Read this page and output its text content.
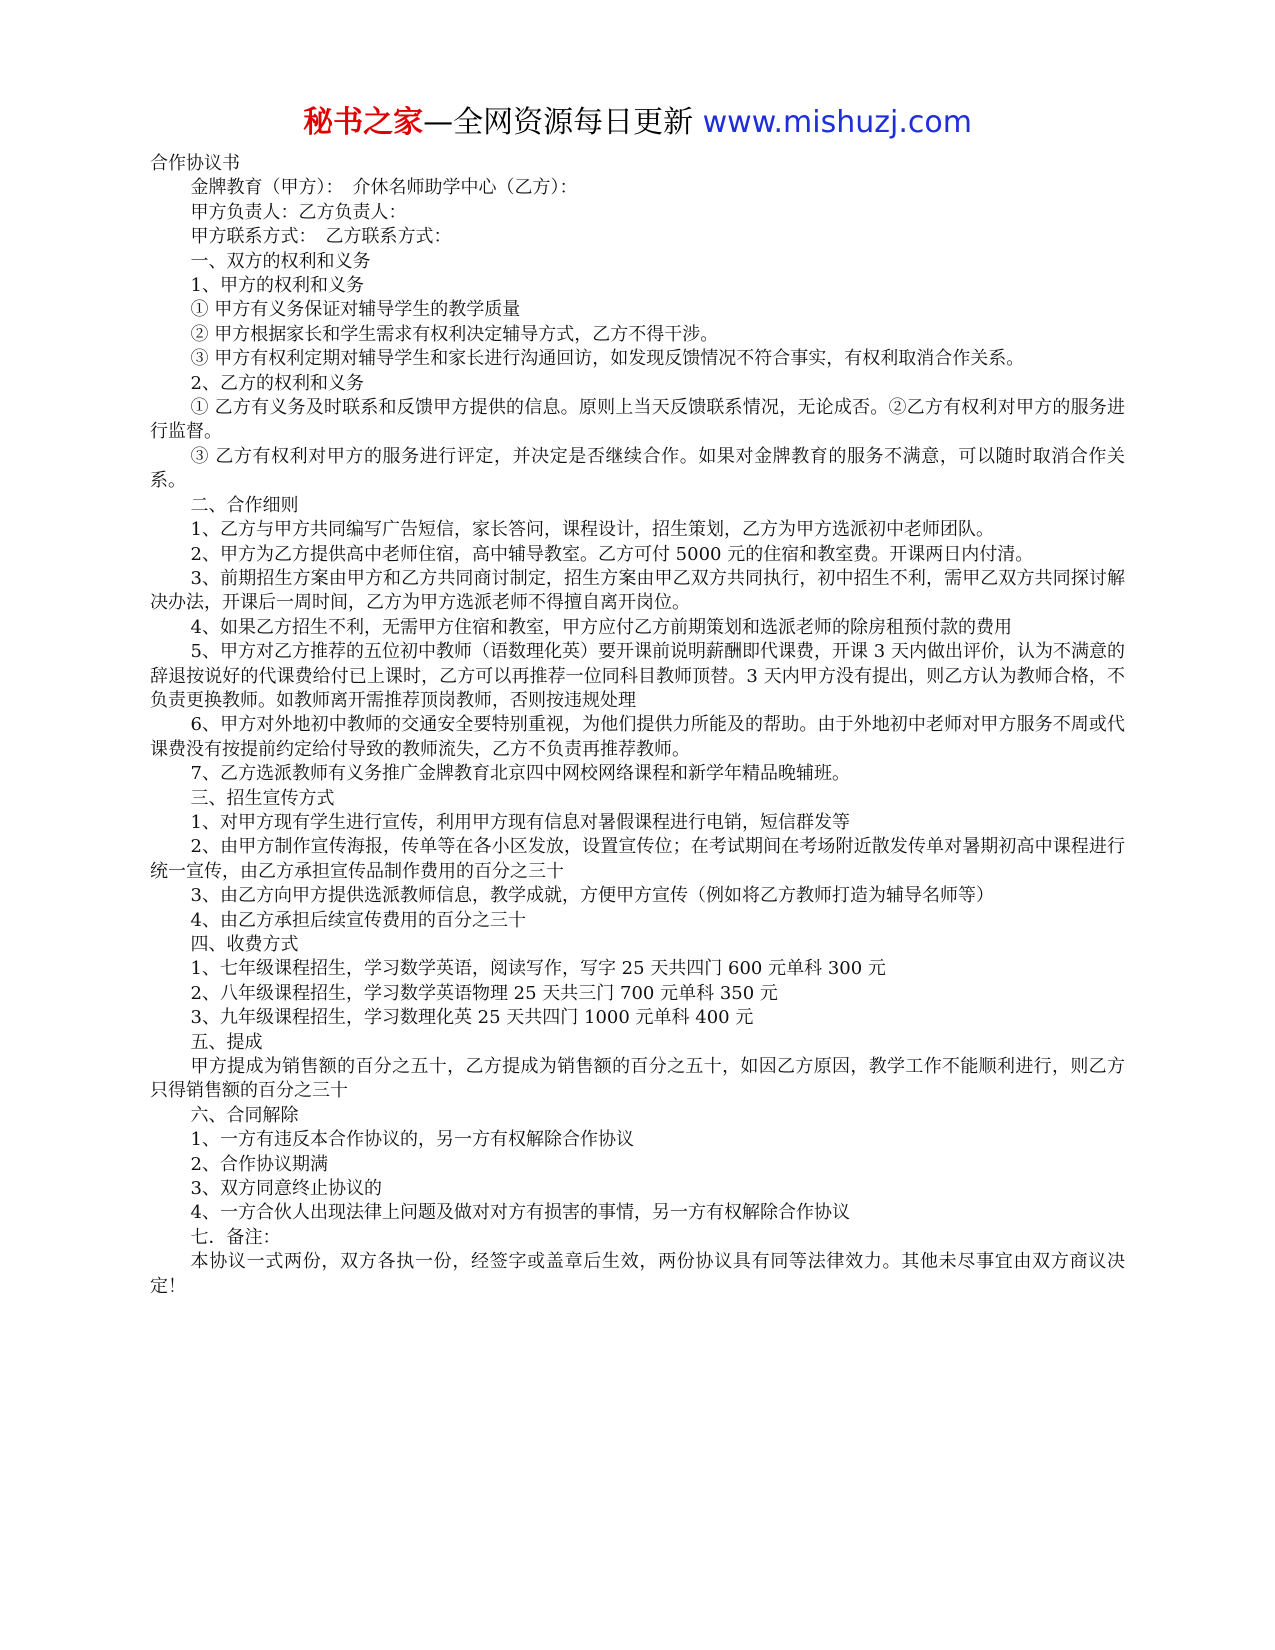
秘书之家—全网资源每日更新 www.mishuzj.com

合作协议书

金牌教育（甲方）：　介休名师助学中心（乙方）：

甲方负责人：乙方负责人：

甲方联系方式：　乙方联系方式：

一、双方的权利和义务

1、甲方的权利和义务

① 甲方有义务保证对辅导学生的教学质量

② 甲方根据家长和学生需求有权利决定辅导方式，乙方不得干涉。

③ 甲方有权利定期对辅导学生和家长进行沟通回访，如发现反馈情况不符合事实，有权利取消合作关系。

2、乙方的权利和义务

① 乙方有义务及时联系和反馈甲方提供的信息。原则上当天反馈联系情况，无论成否。②乙方有权利对甲方的服务进行监督。

③ 乙方有权利对甲方的服务进行评定，并决定是否继续合作。如果对金牌教育的服务不满意，可以随时取消合作关系。

二、合作细则

1、乙方与甲方共同编写广告短信，家长答问，课程设计，招生策划，乙方为甲方选派初中老师团队。

2、甲方为乙方提供高中老师住宿，高中辅导教室。乙方可付 5000 元的住宿和教室费。开课两日内付清。

3、前期招生方案由甲方和乙方共同商讨制定，招生方案由甲乙双方共同执行，初中招生不利，需甲乙双方共同探讨解决办法，开课后一周时间，乙方为甲方选派老师不得擅自离开岗位。

4、如果乙方招生不利，无需甲方住宿和教室，甲方应付乙方前期策划和选派老师的除房租预付款的费用

5、甲方对乙方推荐的五位初中教师（语数理化英）要开课前说明薪酬即代课费，开课 3 天内做出评价，认为不满意的辞退按说好的代课费给付已上课时，乙方可以再推荐一位同科目教师顶替。3 天内甲方没有提出，则乙方认为教师合格，不负责更换教师。如教师离开需推荐顶岗教师，否则按违规处理

6、甲方对外地初中教师的交通安全要特别重视，为他们提供力所能及的帮助。由于外地初中老师对甲方服务不周或代课费没有按提前约定给付导致的教师流失，乙方不负责再推荐教师。

7、乙方选派教师有义务推广金牌教育北京四中网校网络课程和新学年精品晚辅班。

三、招生宣传方式

1、对甲方现有学生进行宣传，利用甲方现有信息对暑假课程进行电销，短信群发等

2、由甲方制作宣传海报，传单等在各小区发放，设置宣传位；在考试期间在考场附近散发传单对暑期初高中课程进行统一宣传，由乙方承担宣传品制作费用的百分之三十

3、由乙方向甲方提供选派教师信息，教学成就，方便甲方宣传（例如将乙方教师打造为辅导名师等）

4、由乙方承担后续宣传费用的百分之三十

四、收费方式

1、七年级课程招生，学习数学英语，阅读写作，写字 25 天共四门 600 元单科 300 元

2、八年级课程招生，学习数学英语物理 25 天共三门 700 元单科 350 元

3、九年级课程招生，学习数理化英 25 天共四门 1000 元单科 400 元

五、提成

甲方提成为销售额的百分之五十，乙方提成为销售额的百分之五十，如因乙方原因，教学工作不能顺利进行，则乙方只得销售额的百分之三十

六、合同解除

1、一方有违反本合作协议的，另一方有权解除合作协议

2、合作协议期满

3、双方同意终止协议的

4、一方合伙人出现法律上问题及做对对方有损害的事情，另一方有权解除合作协议

七．备注：

本协议一式两份，双方各执一份，经签字或盖章后生效，两份协议具有同等法律效力。其他未尽事宜由双方商议决定！
